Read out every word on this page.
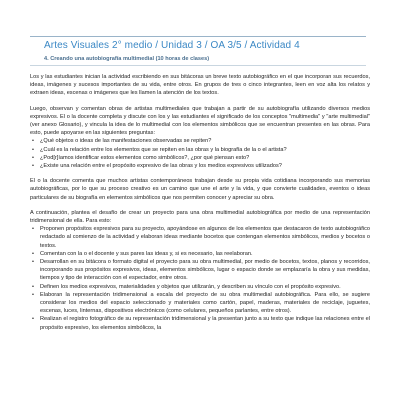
Artes Visuales 2° medio / Unidad 3 / OA 3/5 / Actividad 4
4. Creando una autobiografía multimedial (10 horas de clases)

Los y las estudiantes inician la actividad escribiendo en sus bitácoras un breve texto autobiográfico en el que incorporan sus recuerdos, ideas, imágenes y sucesos importantes de su vida, entre otros. En grupos de tres o cinco integrantes, leen en voz alta los relatos y extraen ideas, escenas o imágenes que les llamen la atención de los textos.

Luego, observan y comentan obras de artistas multimediales que trabajan a partir de su autobiografía utilizando diversos medios expresivos. El o la docente completa y discute con los y las estudiantes el significado de los conceptos "multimedia" y "arte multimedial" (ver anexo Glosario), y vincula la idea de lo multimedial con los elementos simbólicos que se encuentran presentes en las obras. Para esto, puede apoyarse en las siguientes preguntas:

• ¿Qué objetos o ideas de las manifestaciones observadas se repiten?
• ¿Cuál es la relación entre los elementos que se repiten en las obras y la biografía de la o el artista?
• ¿Pod[r]íamos identificar estos elementos como simbólicos?, ¿por qué piensan esto?
• ¿Existe una relación entre el propósito expresivo de las obras y los medios expresivos utilizados?

El o la docente comenta que muchos artistas contemporáneos trabajan desde su propia vida cotidiana incorporando sus memorias autobiográficas, por lo que su proceso creativo es un camino que une el arte y la vida, y que convierte cualidades, eventos o ideas particulares de su biografía en elementos simbólicos que nos permiten conocer y apreciar su obra.

A continuación, plantea el desafío de crear un proyecto para una obra multimedial autobiográfica por medio de una representación tridimensional de ella. Para esto:

• Proponen propósitos expresivos para su proyecto, apoyándose en algunos de los elementos que destacaron de texto autobiográfico redactado al comienzo de la actividad y elaboran ideas mediante bocetos que contengan elementos simbólicos, medios y bocetos o textos.
• Comentan con la o el docente y sus pares las ideas y, si es necesario, las reelaboran.
• Desarrollan en su bitácora o formato digital el proyecto para su obra multimedial, por medio de bocetos, textos, planos y recorridos, incorporando sus propósitos expresivos, ideas, elementos simbólicos, lugar o espacio donde se emplazaría la obra y sus medidas, tiempos y tipo de interacción con el espectador, entre otros.
• Definen los medios expresivos, materialidades y objetos que utilizarán, y describen su vínculo con el propósito expresivo.
• Elaboran la representación tridimensional a escala del proyecto de su obra multimedial autobiográfica. Para ello, se sugiere considerar los medios del espacio seleccionado y materiales como cartón, papel, maderas, materiales de reciclaje, juguetes, escenas, luces, linternas, dispositivos electrónicos (como celulares, pequeños parlantes, entre otros).
• Realizan el registro fotográfico de su representación tridimensional y la presentan junto a su texto que indique las relaciones entre el propósito expresivo, los elementos simbólicos, la
